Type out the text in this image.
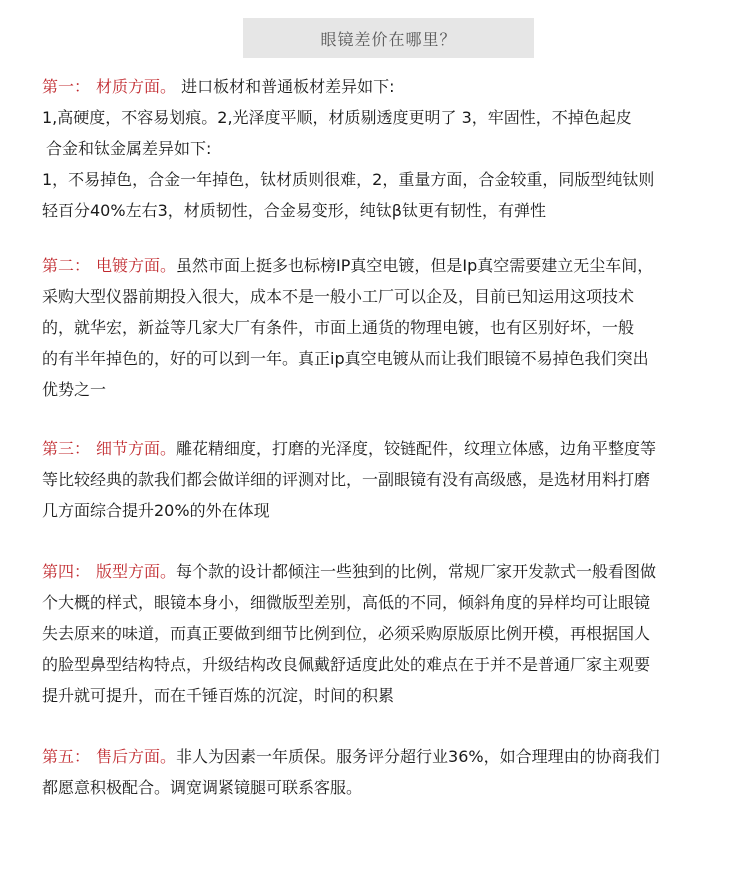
眼镜差价在哪里？
第一： 材质方面。 进口板材和普通板材差异如下:
1,高硬度，不容易划痕。2,光泽度平顺，材质剔透度更明了 3，牢固性，不掉色起皮
合金和钛金属差异如下:
1，不易掉色，合金一年掉色，钛材质则很难，2，重量方面，合金较重，同版型纯钛则
轻百分40%左右3，材质韧性，合金易变形，纯钛β钛更有韧性，有弹性
第二： 电镀方面。虽然市面上挺多也标榜IP真空电镀，但是Ip真空需要建立无尘车间，
采购大型仪器前期投入很大，成本不是一般小工厂可以企及，目前已知运用这项技术
的，就华宏，新益等几家大厂有条件，市面上通货的物理电镀，也有区别好坏，一般
的有半年掉色的，好的可以到一年。真正ip真空电镀从而让我们眼镜不易掉色我们突出
优势之一
第三： 细节方面。雕花精细度，打磨的光泽度，铰链配件，纹理立体感，边角平整度等
等比较经典的款我们都会做详细的评测对比，一副眼镜有没有高级感，是选材用料打磨
几方面综合提升20%的外在体现
第四： 版型方面。每个款的设计都倾注一些独到的比例，常规厂家开发款式一般看图做
个大概的样式，眼镜本身小，细微版型差别，高低的不同，倾斜角度的异样均可让眼镜
失去原来的味道，而真正要做到细节比例到位，必须采购原版原比例开模，再根据国人
的脸型鼻型结构特点，升级结构改良佩戴舒适度此处的难点在于并不是普通厂家主观要
提升就可提升，而在千锤百炼的沉淀，时间的积累
第五： 售后方面。非人为因素一年质保。服务评分超行业36%，如合理理由的协商我们
都愿意积极配合。调宽调紧镜腿可联系客服。
